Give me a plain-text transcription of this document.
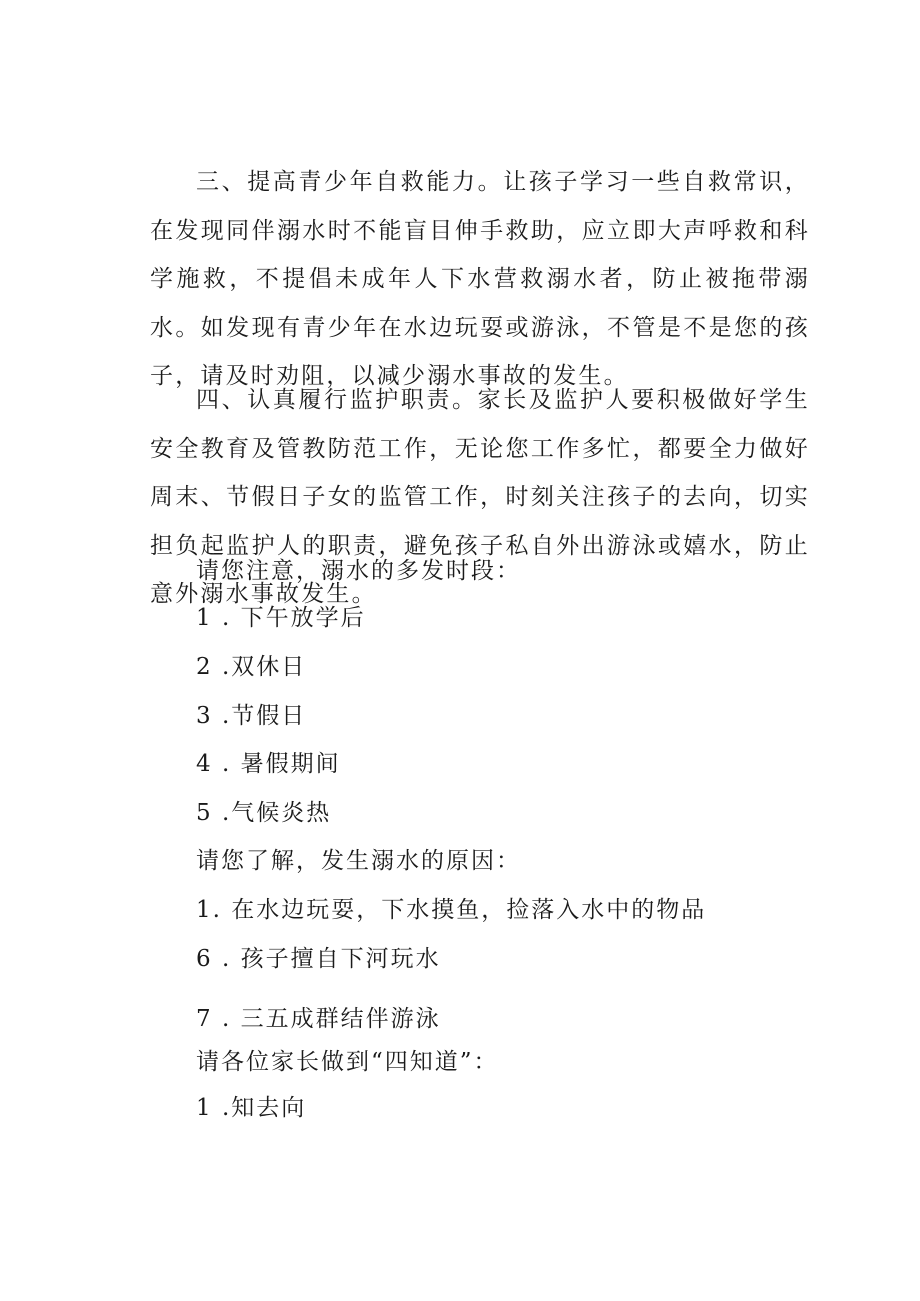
三、提高青少年自救能力。让孩子学习一些自救常识，在发现同伴溺水时不能盲目伸手救助，应立即大声呼救和科学施救，不提倡未成年人下水营救溺水者，防止被拖带溺水。如发现有青少年在水边玩耍或游泳，不管是不是您的孩子，请及时劝阻，以减少溺水事故的发生。

四、认真履行监护职责。家长及监护人要积极做好学生安全教育及管教防范工作，无论您工作多忙，都要全力做好周末、节假日子女的监管工作，时刻关注孩子的去向，切实担负起监护人的职责，避免孩子私自外出游泳或嬉水，防止意外溺水事故发生。

请您注意，溺水的多发时段：

1 . 下午放学后

2 .双休日

3 .节假日

4 . 暑假期间

5 .气候炎热

请您了解，发生溺水的原因：

1. 在水边玩耍，下水摸鱼，捡落入水中的物品

6 . 孩子擅自下河玩水

7 . 三五成群结伴游泳

请各位家长做到“四知道”：

1 .知去向
